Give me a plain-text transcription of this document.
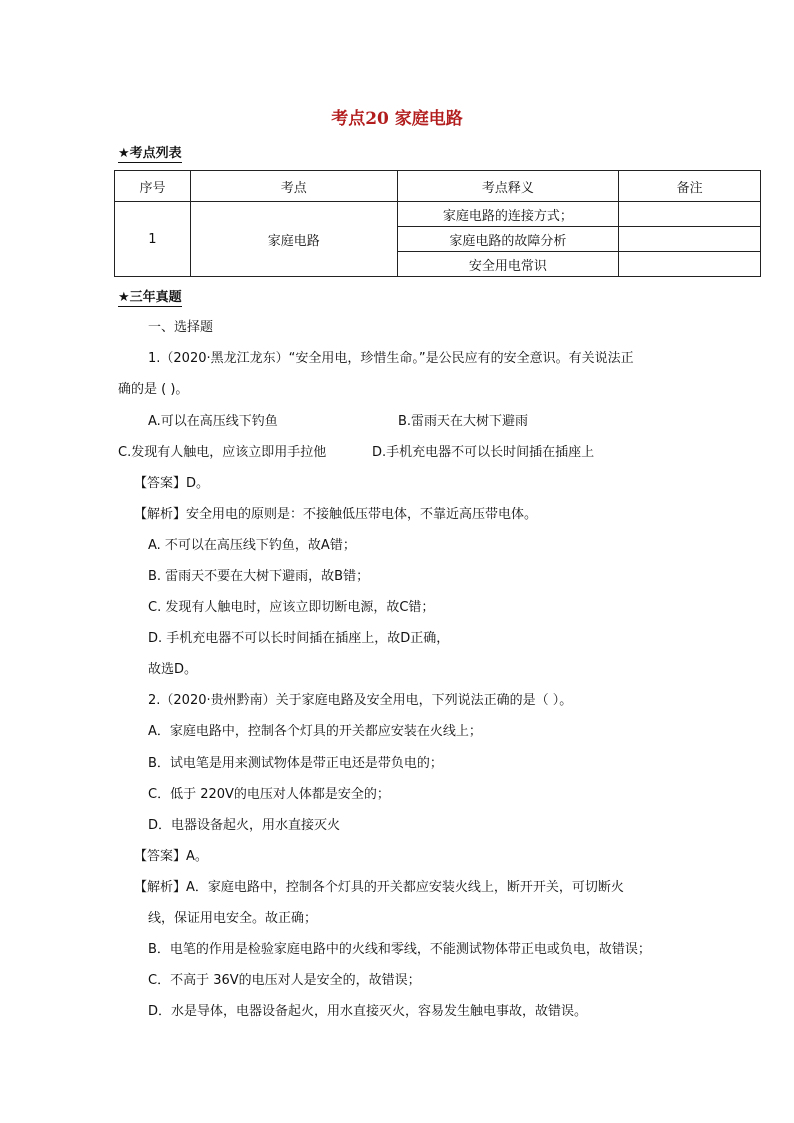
考点20 家庭电路
★考点列表
序号	考点	考点释义	备注
1	家庭电路	家庭电路的连接方式；	
		家庭电路的故障分析	
		安全用电常识	
★三年真题
一、选择题
1.（2020·黑龙江龙东）“安全用电，珍惜生命。”是公民应有的安全意识。有关说法正
确的是 ( )。
A.可以在高压线下钓鱼	B.雷雨天在大树下避雨
C.发现有人触电，应该立即用手拉他	D.手机充电器不可以长时间插在插座上
【答案】D。
【解析】安全用电的原则是：不接触低压带电体，不靠近高压带电体。
A. 不可以在高压线下钓鱼，故A错；
B. 雷雨天不要在大树下避雨，故B错；
C. 发现有人触电时，应该立即切断电源，故C错；
D. 手机充电器不可以长时间插在插座上，故D正确，
故选D。
2.（2020·贵州黔南）关于家庭电路及安全用电，下列说法正确的是（ ）。
A．家庭电路中，控制各个灯具的开关都应安装在火线上；
B．试电笔是用来测试物体是带正电还是带负电的；
C．低于 220V的电压对人体都是安全的；
D．电器设备起火，用水直接灭火
【答案】A。
【解析】A．家庭电路中，控制各个灯具的开关都应安装火线上，断开开关，可切断火
线，保证用电安全。故正确；
B．电笔的作用是检验家庭电路中的火线和零线，不能测试物体带正电或负电，故错误；
C．不高于 36V的电压对人是安全的，故错误；
D．水是导体，电器设备起火，用水直接灭火，容易发生触电事故，故错误。
